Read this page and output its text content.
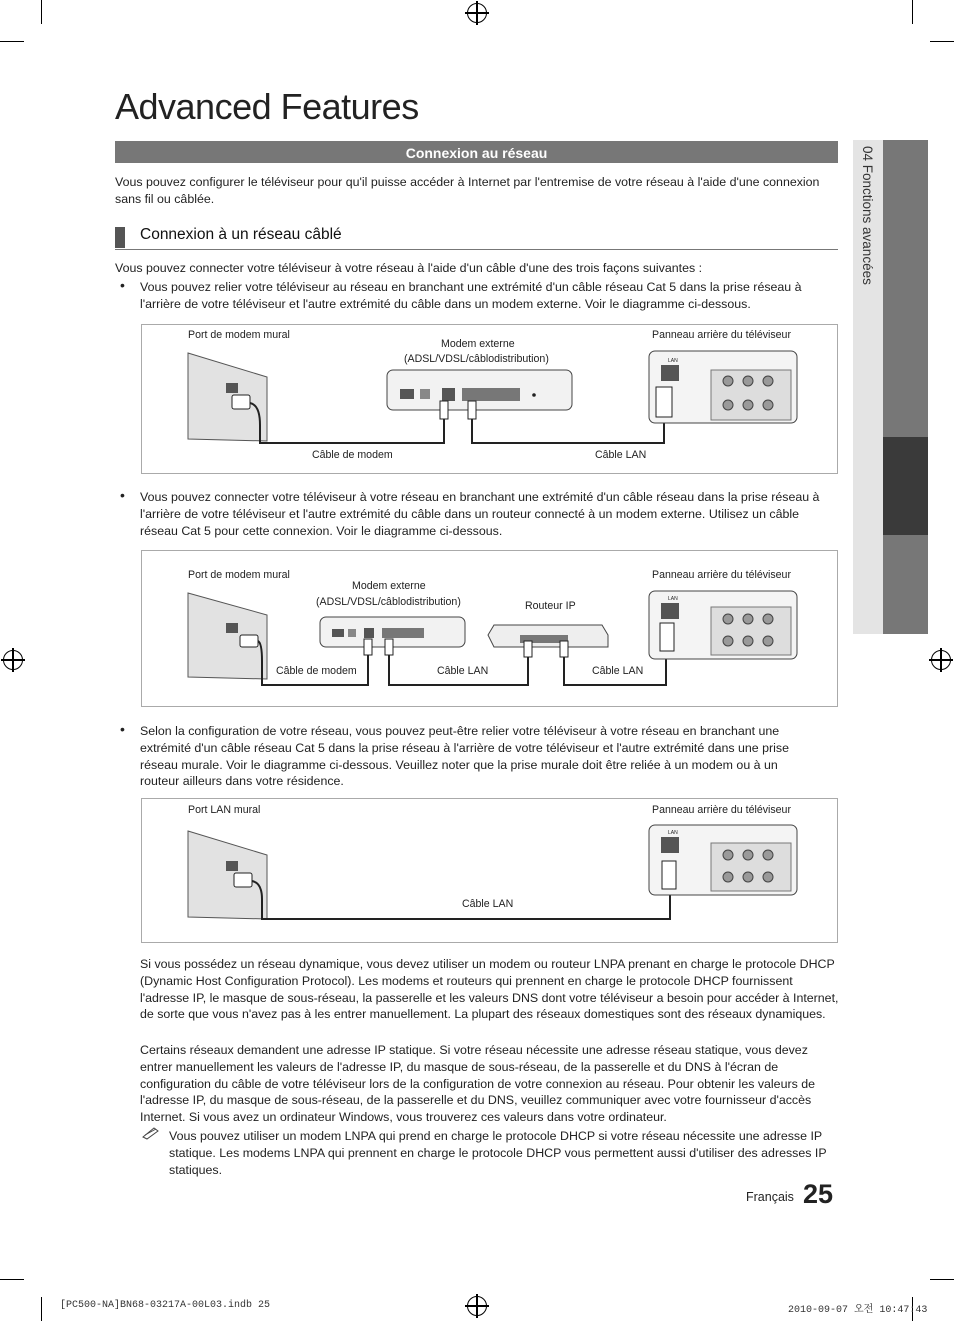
Advanced Features
Connexion au réseau	04 Fonctions avancées
Vous pouvez configurer le téléviseur pour qu'il puisse accéder à Internet par l'entremise de votre réseau à l'aide d'une connexion sans fil ou câblée.
Connexion à un réseau câblé
Vous pouvez connecter votre téléviseur à votre réseau à l'aide d'un câble d'une des trois façons suivantes :
• Vous pouvez relier votre téléviseur au réseau en branchant une extrémité d'un câble réseau Cat 5 dans la prise réseau à l'arrière de votre téléviseur et l'autre extrémité du câble dans un modem externe. Voir le diagramme ci-dessous.
Port de modem mural
Modem externe
(ADSL/VDSL/câblodistribution)
Panneau arrière du téléviseur
Câble de modem	Câble LAN
LAN
• Vous pouvez connecter votre téléviseur à votre réseau en branchant une extrémité d'un câble réseau dans la prise réseau à l'arrière de votre téléviseur et l'autre extrémité du câble dans un routeur connecté à un modem externe. Utilisez un câble réseau Cat 5 pour cette connexion. Voir le diagramme ci-dessous.
Port de modem mural
Modem externe
(ADSL/VDSL/câblodistribution)	Routeur IP
Panneau arrière du téléviseur
Câble de modem	Câble LAN	Câble LAN
LAN
• Selon la configuration de votre réseau, vous pouvez peut-être relier votre téléviseur à votre réseau en branchant une extrémité d'un câble réseau Cat 5 dans la prise réseau à l'arrière de votre téléviseur et l'autre extrémité dans une prise réseau murale. Voir le diagramme ci-dessous. Veuillez noter que la prise murale doit être reliée à un modem ou à un routeur ailleurs dans votre résidence.
Port LAN mural	Panneau arrière du téléviseur
Câble LAN
LAN
Si vous possédez un réseau dynamique, vous devez utiliser un modem ou routeur LNPA prenant en charge le protocole DHCP (Dynamic Host Configuration Protocol). Les modems et routeurs qui prennent en charge le protocole DHCP fournissent l'adresse IP, le masque de sous-réseau, la passerelle et les valeurs DNS dont votre téléviseur a besoin pour accéder à Internet, de sorte que vous n'avez pas à les entrer manuellement. La plupart des réseaux domestiques sont des réseaux dynamiques.
Certains réseaux demandent une adresse IP statique. Si votre réseau nécessite une adresse réseau statique, vous devez entrer manuellement les valeurs de l'adresse IP, du masque de sous-réseau, de la passerelle et du DNS à l'écran de configuration du câble de votre téléviseur lors de la configuration de votre connexion au réseau. Pour obtenir les valeurs de l'adresse IP, du masque de sous-réseau, de la passerelle et du DNS, veuillez communiquer avec votre fournisseur d'accès Internet. Si vous avez un ordinateur Windows, vous trouverez ces valeurs dans votre ordinateur.
Vous pouvez utiliser un modem LNPA qui prend en charge le protocole DHCP si votre réseau nécessite une adresse IP statique. Les modems LNPA qui prennent en charge le protocole DHCP vous permettent aussi d'utiliser des adresses IP statiques.
Français 25
[PC500-NA]BN68-03217A-00L03.indb 25	2010-09-07 오전 10:47:43
